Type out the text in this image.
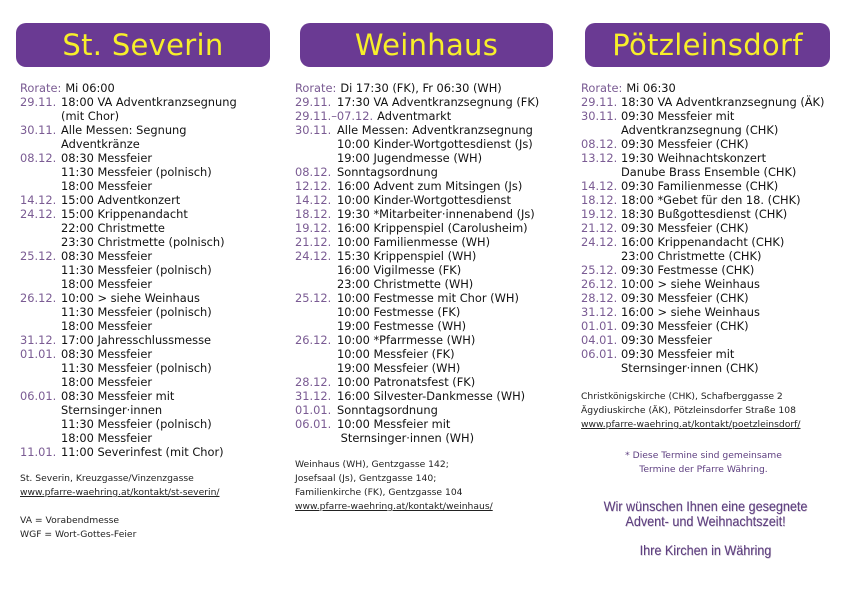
St. Severin	Weinhaus	Pötzleinsdorf
Rorate: Mi 06:00
29.11. 18:00 VA Adventkranzsegnung
(mit Chor)
30.11. Alle Messen: Segnung
Adventkränze
08.12. 08:30 Messfeier
11:30 Messfeier (polnisch)
18:00 Messfeier
14.12. 15:00 Adventkonzert
24.12. 15:00 Krippenandacht
22:00 Christmette
23:30 Christmette (polnisch)
25.12. 08:30 Messfeier
11:30 Messfeier (polnisch)
18:00 Messfeier
26.12. 10:00 > siehe Weinhaus
11:30 Messfeier (polnisch)
18:00 Messfeier
31.12. 17:00 Jahresschlussmesse
01.01. 08:30 Messfeier
11:30 Messfeier (polnisch)
18:00 Messfeier
06.01. 08:30 Messfeier mit
Sternsinger·innen
11:30 Messfeier (polnisch)
18:00 Messfeier
11.01. 11:00 Severinfest (mit Chor)
Rorate: Di 17:30 (FK), Fr 06:30 (WH)
29.11. 17:30 VA Adventkranzsegnung (FK)
29.11.–07.12. Adventmarkt
30.11. Alle Messen: Adventkranzsegnung
10:00 Kinder-Wortgottesdienst (Js)
19:00 Jugendmesse (WH)
08.12. Sonntagsordnung
12.12. 16:00 Advent zum Mitsingen (Js)
14.12. 10:00 Kinder-Wortgottesdienst
18.12. 19:30 *Mitarbeiter·innenabend (Js)
19.12. 16:00 Krippenspiel (Carolusheim)
21.12. 10:00 Familienmesse (WH)
24.12. 15:30 Krippenspiel (WH)
16:00 Vigilmesse (FK)
23:00 Christmette (WH)
25.12. 10:00 Festmesse mit Chor (WH)
10:00 Festmesse (FK)
19:00 Festmesse (WH)
26.12. 10:00 *Pfarrmesse (WH)
10:00 Messfeier (FK)
19:00 Messfeier (WH)
28.12. 10:00 Patronatsfest (FK)
31.12. 16:00 Silvester-Dankmesse (WH)
01.01. Sonntagsordnung
06.01. 10:00 Messfeier mit
Sternsinger·innen (WH)
Rorate: Mi 06:30
29.11. 18:30 VA Adventkranzsegnung (ÄK)
30.11. 09:30 Messfeier mit
Adventkranzsegnung (CHK)
08.12. 09:30 Messfeier (CHK)
13.12. 19:30 Weihnachtskonzert
Danube Brass Ensemble (CHK)
14.12. 09:30 Familienmesse (CHK)
18.12. 18:00 *Gebet für den 18. (CHK)
19.12. 18:30 Bußgottesdienst (CHK)
21.12. 09:30 Messfeier (CHK)
24.12. 16:00 Krippenandacht (CHK)
23:00 Christmette (CHK)
25.12. 09:30 Festmesse (CHK)
26.12. 10:00 > siehe Weinhaus
28.12. 09:30 Messfeier (CHK)
31.12. 16:00 > siehe Weinhaus
01.01. 09:30 Messfeier (CHK)
04.01. 09:30 Messfeier
06.01. 09:30 Messfeier mit
Sternsinger·innen (CHK)
St. Severin, Kreuzgasse/Vinzenzgasse
www.pfarre-waehring.at/kontakt/st-severin/
VA = Vorabendmesse
WGF = Wort-Gottes-Feier
Weinhaus (WH), Gentzgasse 142;
Josefsaal (Js), Gentzgasse 140;
Familienkirche (FK), Gentzgasse 104
www.pfarre-waehring.at/kontakt/weinhaus/
Christkönigskirche (CHK), Schafberggasse 2
Ägydiuskirche (ÄK), Pötzleinsdorfer Straße 108
www.pfarre-waehring.at/kontakt/poetzleinsdorf/
* Diese Termine sind gemeinsame
Termine der Pfarre Währing.
Wir wünschen Ihnen eine gesegnete
Advent- und Weihnachtszeit!
Ihre Kirchen in Währing
